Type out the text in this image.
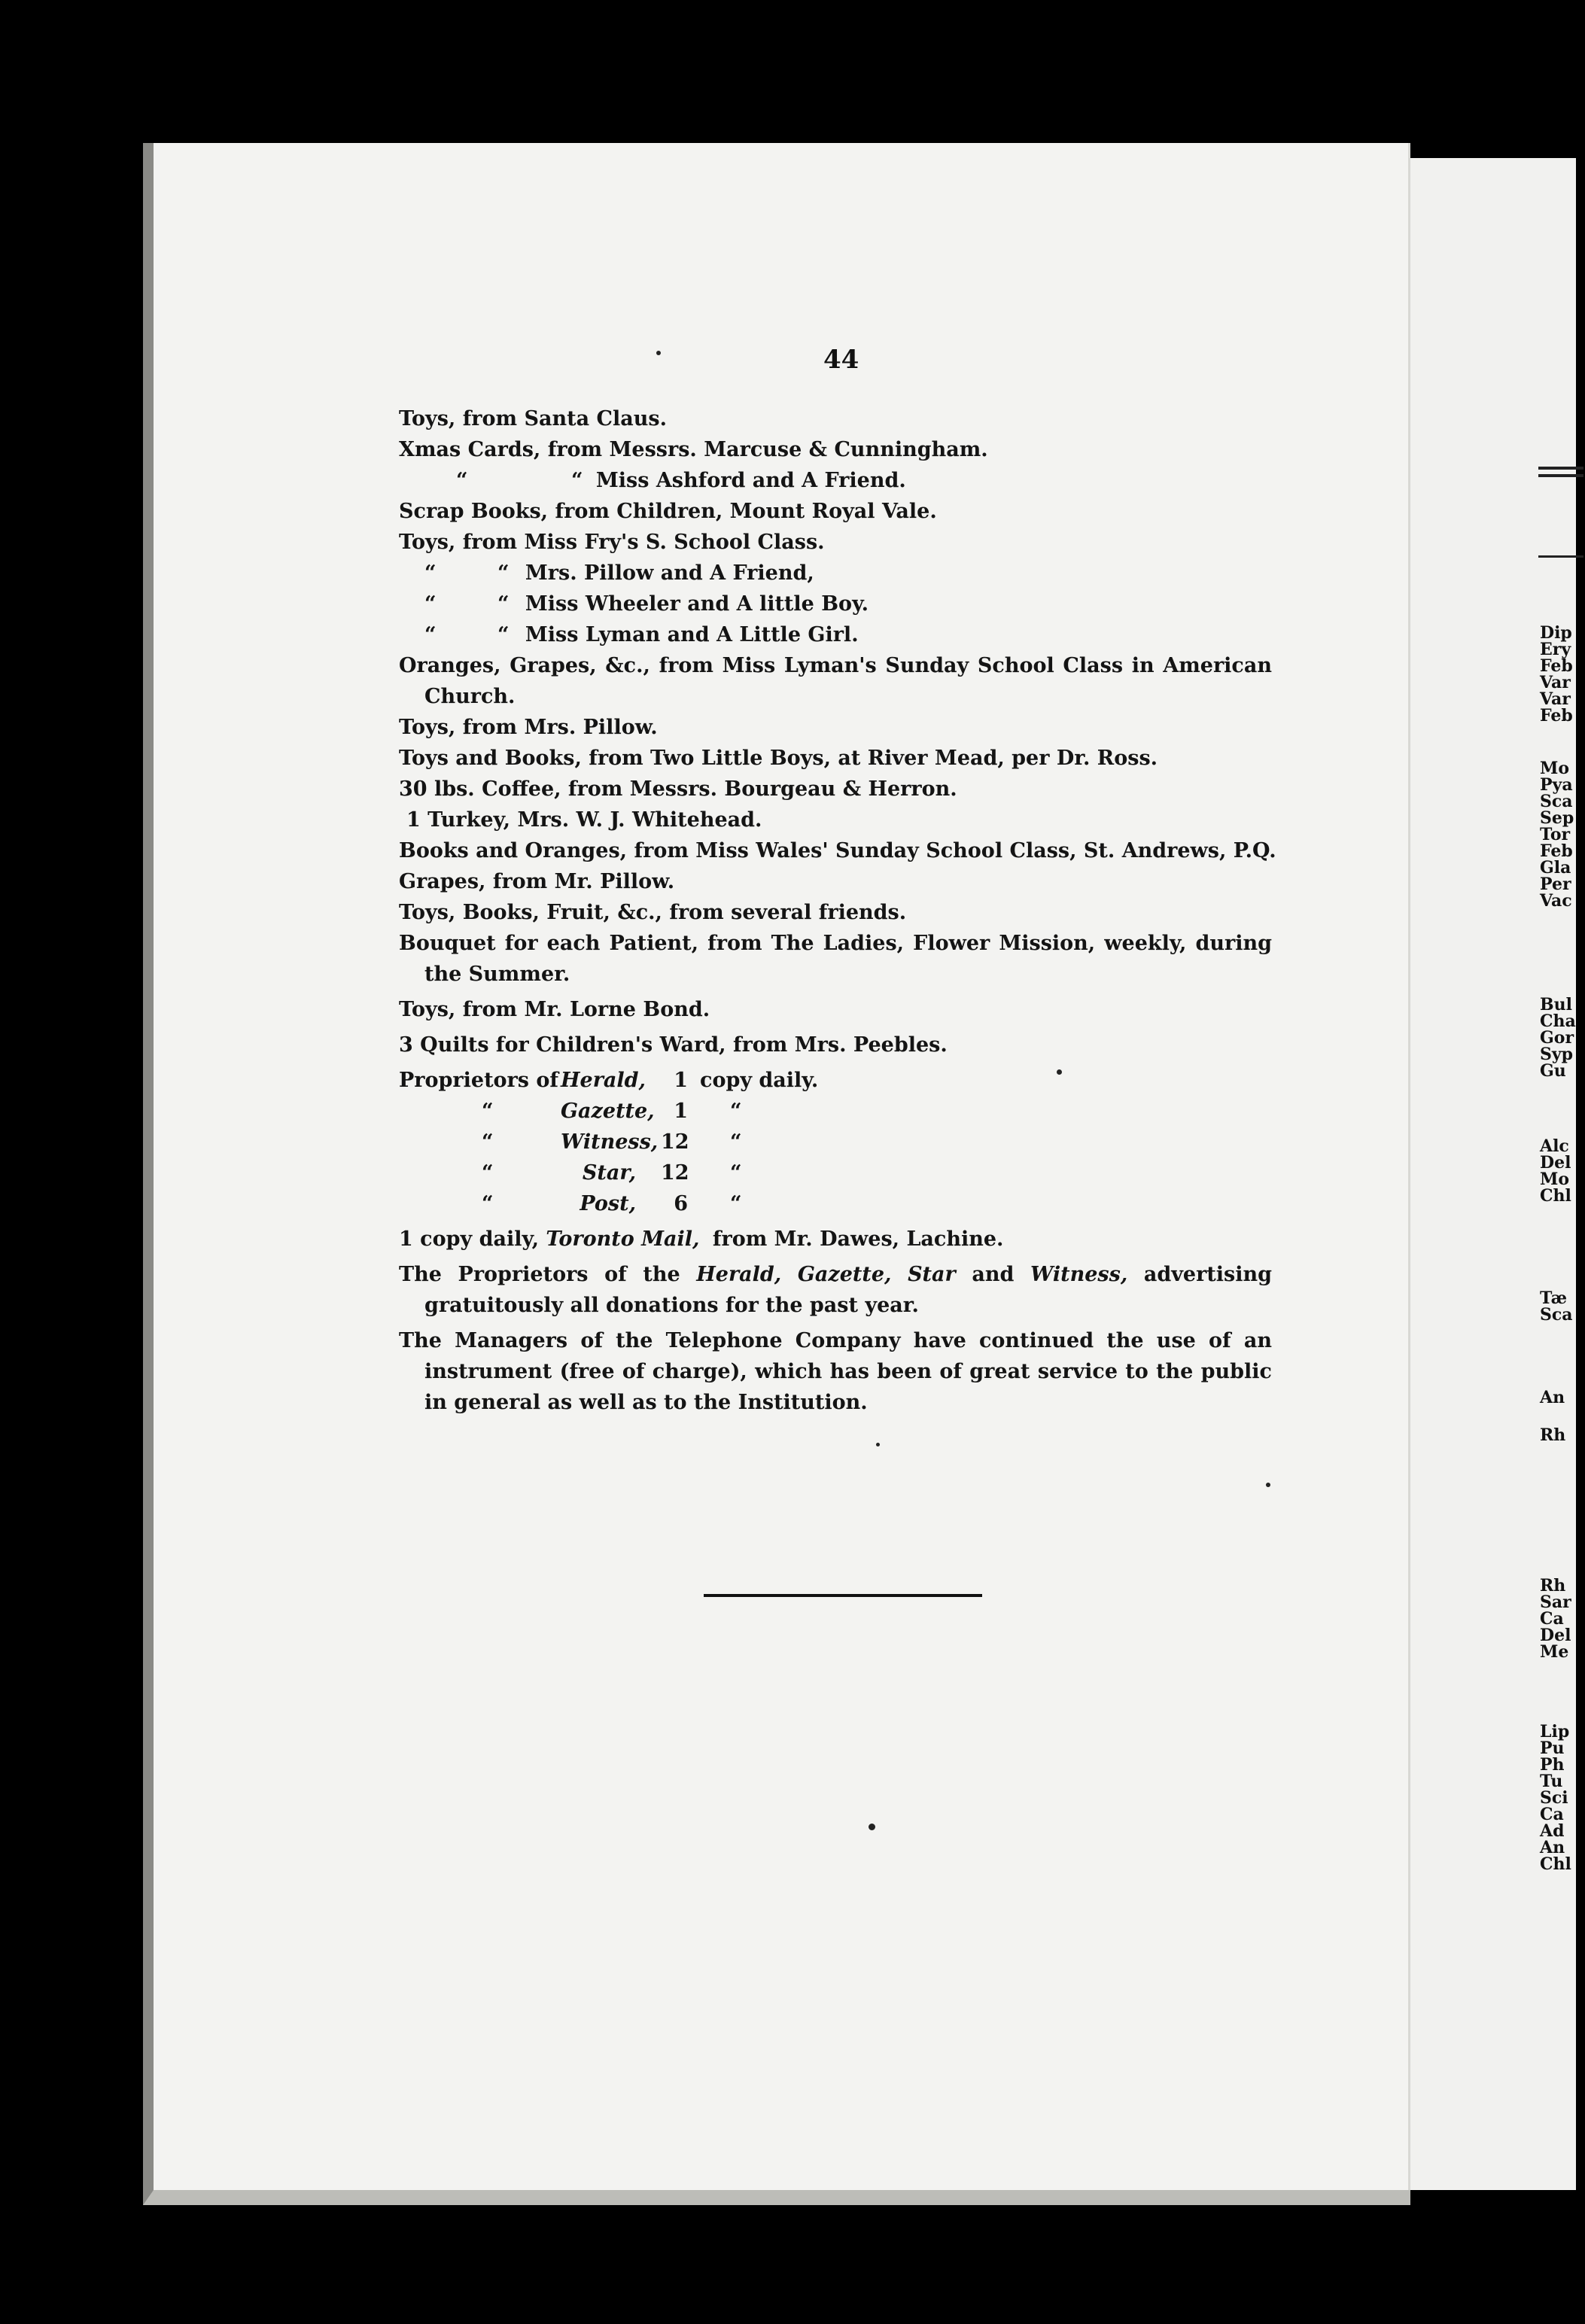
Dip
Ery
Feb
Var
Var
Feb
Mo
Pya
Sca
Sep
Tor
Feb
Gla
Per
Vac
Bul
Cha
Gor
Syp
Gu
Alc
Del
Mo
Chl
Tæ
Sca
An
Rh
Rh
Sar
Ca
Del
Me
Lip
Pu
Ph
Tu
Sci
Ca
Ad
An
Chl
44
Toys, from Santa Claus.
Xmas Cards, from Messrs. Marcuse & Cunningham.
“	“ Miss Ashford and A Friend.
Scrap Books, from Children, Mount Royal Vale.
Toys, from Miss Fry's S. School Class.
“	“ Mrs. Pillow and A Friend,
“	“ Miss Wheeler and A little Boy.
“	“ Miss Lyman and A Little Girl.
Oranges, Grapes, &c., from Miss Lyman's Sunday School Class in American Church.
Toys, from Mrs. Pillow.
Toys and Books, from Two Little Boys, at River Mead, per Dr. Ross.
30 lbs. Coffee, from Messrs. Bourgeau & Herron.
1 Turkey, Mrs. W. J. Whitehead.
Books and Oranges, from Miss Wales' Sunday School Class, St. Andrews, P.Q.
Grapes, from Mr. Pillow.
Toys, Books, Fruit, &c., from several friends.
Bouquet for each Patient, from The Ladies, Flower Mission, weekly, during the Summer.
Toys, from Mr. Lorne Bond.
3 Quilts for Children's Ward, from Mrs. Peebles.
Proprietors of Herald,	1 copy daily.
“	Gazette, 1 “
“	Witness, 12 “
“	Star, 12 “
“	Post,	6 “
1 copy daily, Toronto Mail, from Mr. Dawes, Lachine.
The Proprietors of the Herald, Gazette, Star and Witness, advertising gratuitously all donations for the past year.
The Managers of the Telephone Company have continued the use of an instrument (free of charge), which has been of great service to the public in general as well as to the Institution.
